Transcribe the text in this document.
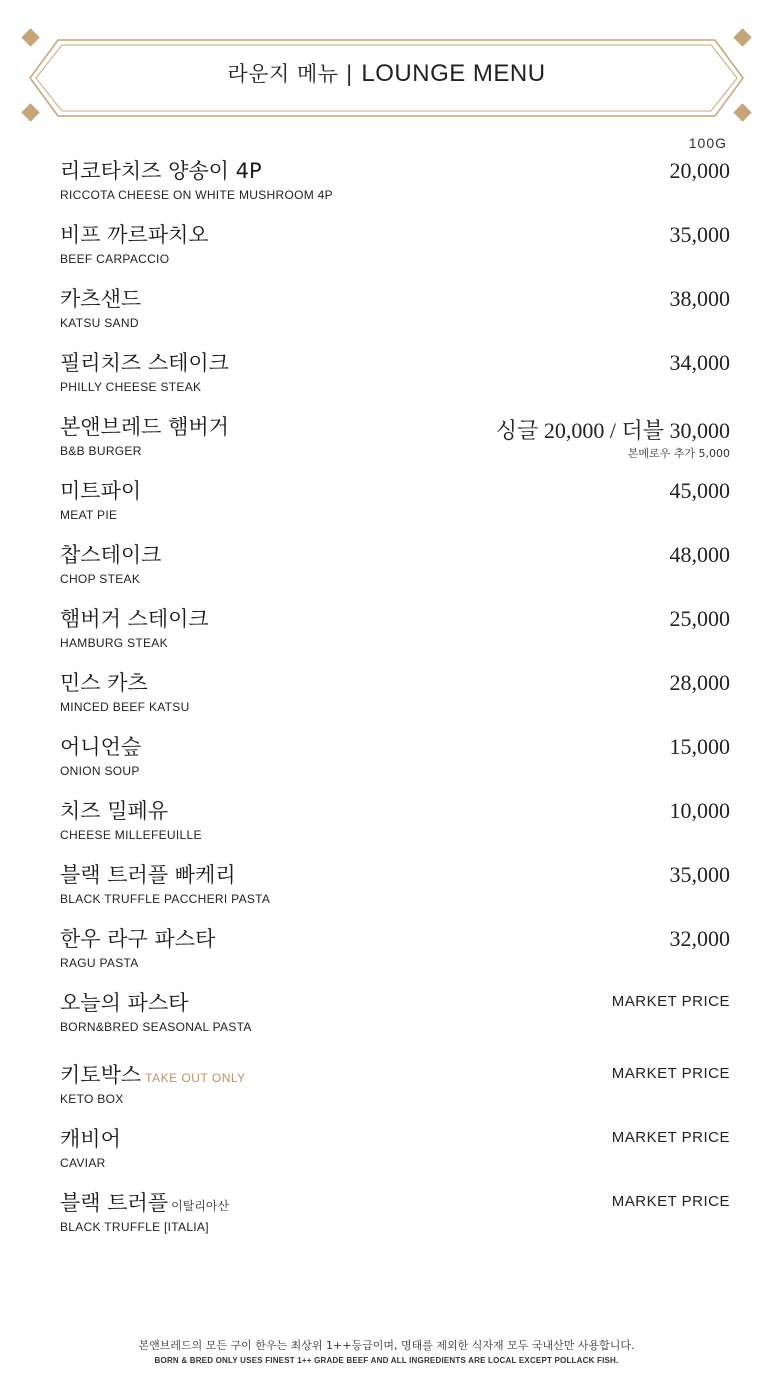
라운지 메뉴 | LOUNGE MENU
100G
리코타치즈 양송이 4P
RICCOTA CHEESE ON WHITE MUSHROOM 4P
20,000
비프 까르파치오
BEEF CARPACCIO
35,000
카츠샌드
KATSU SAND
38,000
필리치즈 스테이크
PHILLY CHEESE STEAK
34,000
본앤브레드 햄버거
B&B BURGER
싱글 20,000 / 더블 30,000
본메로우 추가 5,000
미트파이
MEAT PIE
45,000
찹스테이크
CHOP STEAK
48,000
햄버거 스테이크
HAMBURG STEAK
25,000
민스 카츠
MINCED BEEF KATSU
28,000
어니언슾
ONION SOUP
15,000
치즈 밀페유
CHEESE MILLEFEUILLE
10,000
블랙 트러플 빠케리
BLACK TRUFFLE PACCHERI PASTA
35,000
한우 라구 파스타
RAGU PASTA
32,000
오늘의 파스타
BORN&BRED SEASONAL PASTA
MARKET PRICE
키토박스 TAKE OUT ONLY
KETO BOX
MARKET PRICE
캐비어
CAVIAR
MARKET PRICE
블랙 트러플 이탈리아산
BLACK TRUFFLE [ITALIA]
MARKET PRICE
본앤브레드의 모든 구이 한우는 최상위 1++등급이며, 명태를 제외한 식자재 모두 국내산만 사용합니다.
BORN & BRED ONLY USES FINEST 1++ GRADE BEEF AND ALL INGREDIENTS ARE LOCAL EXCEPT POLLACK FISH.
